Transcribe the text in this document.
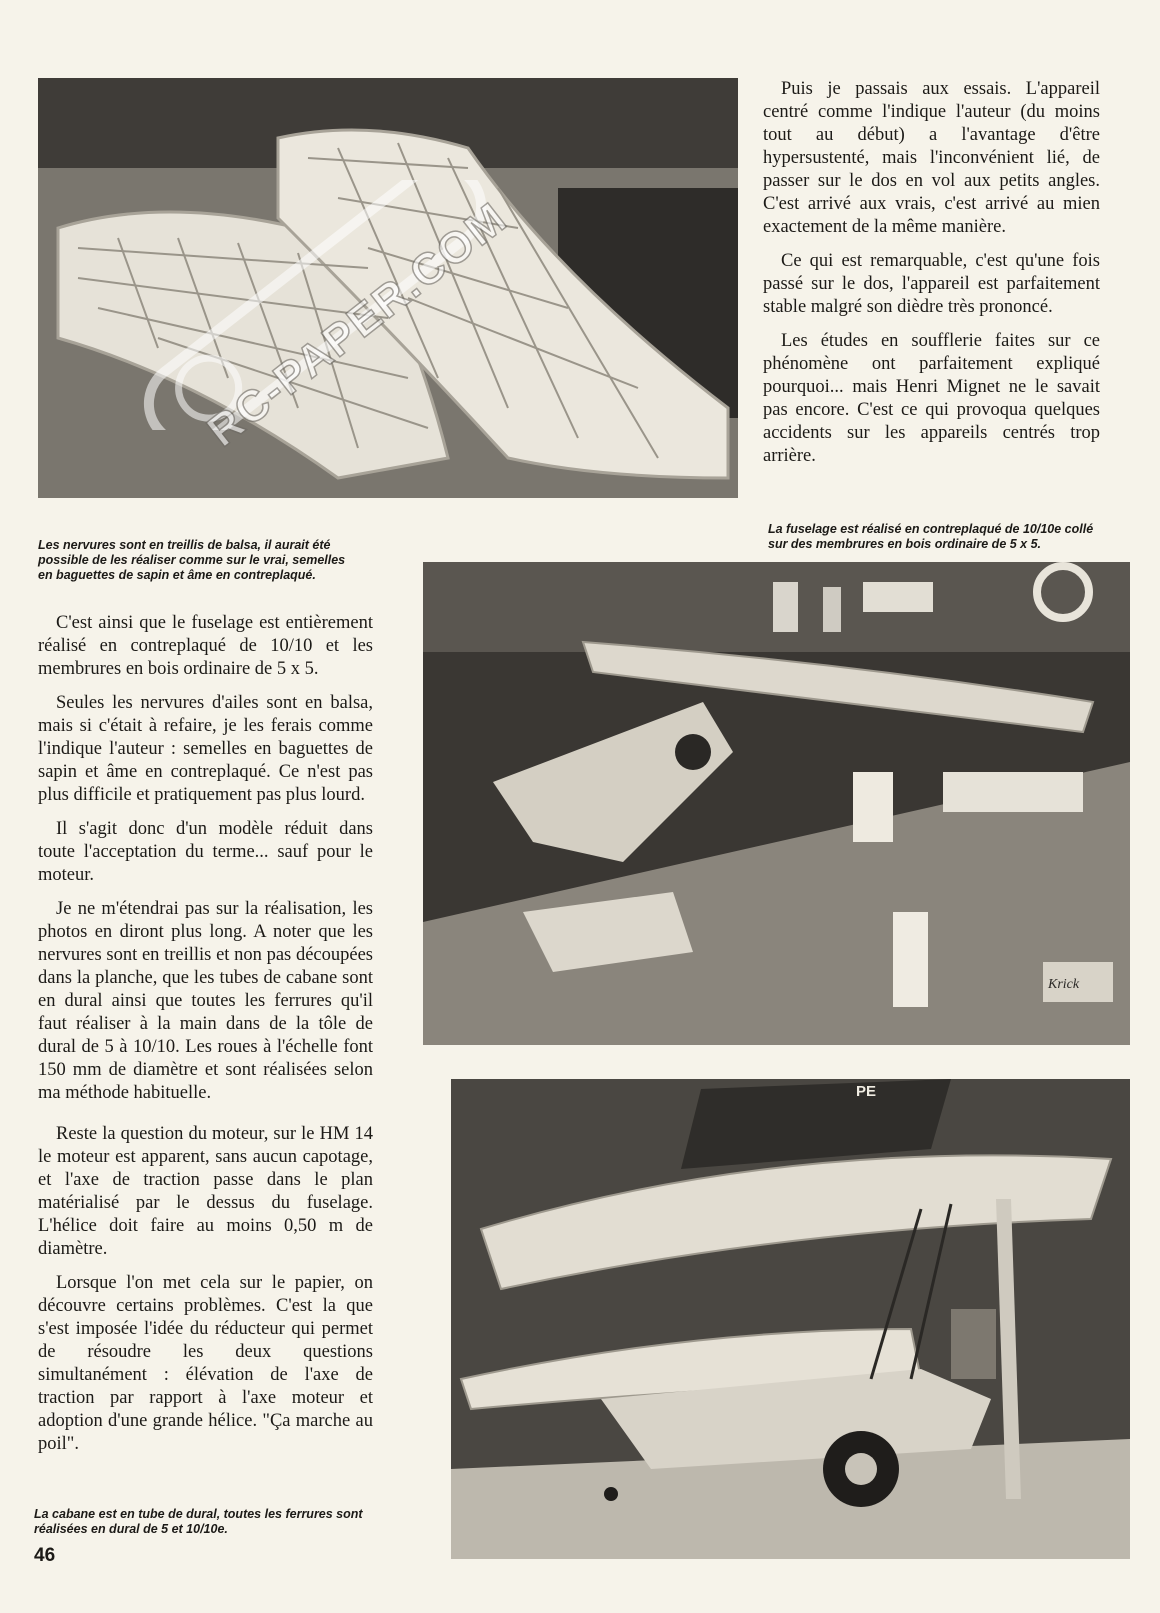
RC-PAPER.COM

Puis je passais aux essais. L'appareil centré comme l'indique l'auteur (du moins tout au début) a l'avantage d'être hypersustenté, mais l'inconvénient lié, de passer sur le dos en vol aux petits angles. C'est arrivé aux vrais, c'est arrivé au mien exactement de la même manière.

Ce qui est remarquable, c'est qu'une fois passé sur le dos, l'appareil est parfaitement stable malgré son dièdre très prononcé.

Les études en soufflerie faites sur ce phénomène ont parfaitement expliqué pourquoi... mais Henri Mignet ne le savait pas encore. C'est ce qui provoqua quelques accidents sur les appareils centrés trop arrière.

Les nervures sont en treillis de balsa, il aurait été possible de les réaliser comme sur le vrai, semelles en baguettes de sapin et âme en contreplaqué.
La fuselage est réalisé en contreplaqué de 10/10e collé sur des membrures en bois ordinaire de 5 x 5.
Krick

C'est ainsi que le fuselage est entièrement réalisé en contreplaqué de 10/10 et les membrures en bois ordinaire de 5 x 5.

Seules les nervures d'ailes sont en balsa, mais si c'était à refaire, je les ferais comme l'indique l'auteur : semelles en baguettes de sapin et âme en contreplaqué. Ce n'est pas plus difficile et pratiquement pas plus lourd.

Il s'agit donc d'un modèle réduit dans toute l'acceptation du terme... sauf pour le moteur.

Je ne m'étendrai pas sur la réalisation, les photos en diront plus long. A noter que les nervures sont en treillis et non pas découpées dans la planche, que les tubes de cabane sont en dural ainsi que toutes les ferrures qu'il faut réaliser à la main dans de la tôle de dural de 5 à 10/10. Les roues à l'échelle font 150 mm de diamètre et sont réalisées selon ma méthode habituelle.

Reste la question du moteur, sur le HM 14 le moteur est apparent, sans aucun capotage, et l'axe de traction passe dans le plan matérialisé par le dessus du fuselage. L'hélice doit faire au moins 0,50 m de diamètre.

Lorsque l'on met cela sur le papier, on découvre certains problèmes. C'est la que s'est imposée l'idée du réducteur qui permet de résoudre les deux questions simultanément : élévation de l'axe de traction par rapport à l'axe moteur et adoption d'une grande hélice. "Ça marche au poil".

PE
La cabane est en tube de dural, toutes les ferrures sont réalisées en dural de 5 et 10/10e.
46
